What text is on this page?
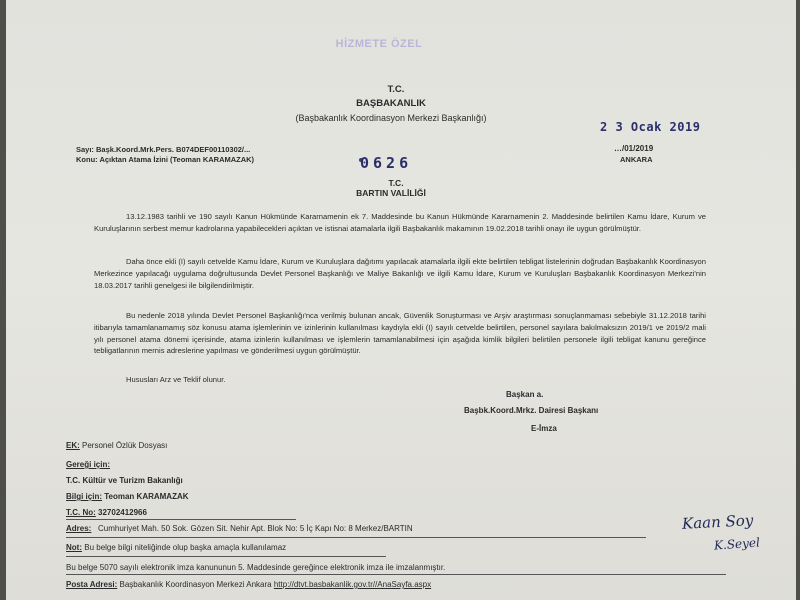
HİZMETE ÖZEL
T.C.
BAŞBAKANLIK
(Başbakanlık Koordinasyon Merkezi Başkanlığı)
2 3 Ocak 2019
Sayı: Başk.Koord.Mrk.Pers. B074DEF00110302/...
Konu: Açıktan Atama İzini (Teoman KARAMAZAK)
…/01/2019
ANKARA
0626
T.C.
BARTIN VALİLİĞİ
13.12.1983 tarihli ve 190 sayılı Kanun Hükmünde Kararnamenin ek 7. Maddesinde bu Kanun Hükmünde Kararnamenin 2. Maddesinde belirtilen Kamu İdare, Kurum ve Kuruluşlarının serbest memur kadrolarına yapabilecekleri açıktan ve istisnai atamalarla ilgili Başbakanlık makamının 19.02.2018 tarihli onayı ile uygun görülmüştür.
Daha önce ekli (I) sayılı cetvelde Kamu İdare, Kurum ve Kuruluşlara dağıtımı yapılacak atamalarla ilgili ekte belirtilen tebligat listelerinin doğrudan Başbakanlık Koordinasyon Merkezince yapılacağı uygulama doğrultusunda Devlet Personel Başkanlığı ve Maliye Bakanlığı ve ilgili Kamu İdare, Kurum ve Kuruluşları Başbakanlık Koordinasyon Merkezi'nin 18.03.2017 tarihli genelgesi ile bilgilendirilmiştir.
Bu nedenle 2018 yılında Devlet Personel Başkanlığı'nca verilmiş bulunan ancak, Güvenlik Soruşturması ve Arşiv araştırması sonuçlanmaması sebebiyle 31.12.2018 tarihi itibarıyla tamamlanamamış söz konusu atama işlemlerinin ve izinlerinin kullanılması kaydıyla ekli (I) sayılı cetvelde belirtilen, personel sayılara bakılmaksızın 2019/1 ve 2019/2 mali yılı personel atama dönemi içerisinde, atama izinlerin kullanılması ve işlemlerin tamamlanabilmesi için aşağıda kimlik bilgileri belirtilen personele ilgili tebligat kanunu gereğince tebligatlarının mernis adreslerine yapılması ve gönderilmesi uygun görülmüştür.
Hususları Arz ve Teklif olunur.
Başkan a.
Başbk.Koord.Mrkz. Dairesi Başkanı
E-İmza
EK: Personel Özlük Dosyası
Gereği için:
T.C. Kültür ve Turizm Bakanlığı
Bilgi için: Teoman KARAMAZAK
T.C. No: 32702412966
Adres: Cumhuriyet Mah. 50 Sok. Gözen Sit. Nehir Apt. Blok No: 5 İç Kapı No: 8 Merkez/BARTIN
Not: Bu belge bilgi niteliğinde olup başka amaçla kullanılamaz
Bu belge 5070 sayılı elektronik imza kanununun 5. Maddesinde gereğince elektronik imza ile imzalanmıştır.
Posta Adresi: Başbakanlık Koordinasyon Merkezi Ankara http://dtvt.basbakanlik.gov.tr//AnaSayfa.aspx
Kaan Soy
K.Seyel
